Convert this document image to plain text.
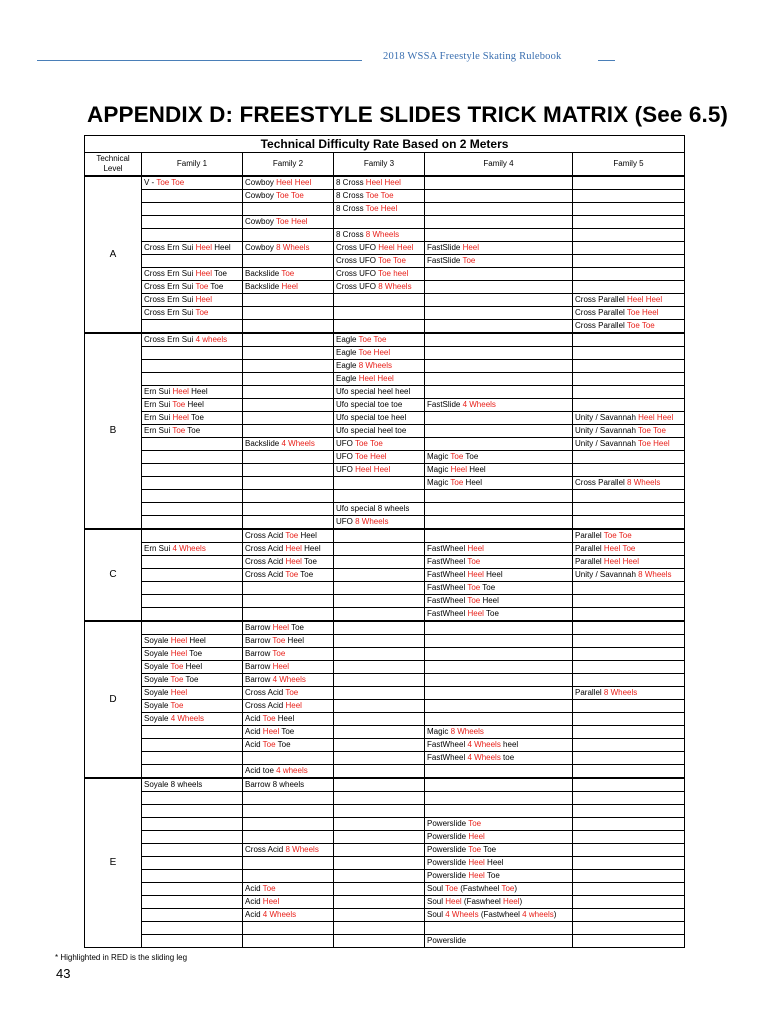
2018 WSSA Freestyle Skating Rulebook
APPENDIX D: FREESTYLE SLIDES TRICK MATRIX (See 6.5)
Technical Difficulty Rate Based on 2 Meters					
Technical Level	Family 1	Family 2	Family 3	Family 4	Family 5
A	V - Toe Toe	Cowboy Heel Heel	8 Cross Heel Heel		
		Cowboy Toe Toe	8 Cross Toe Toe		
			8 Cross Toe Heel		
		Cowboy Toe Heel			
			8 Cross 8 Wheels		
	Cross Ern Sui Heel Heel	Cowboy 8 Wheels	Cross UFO Heel Heel	FastSlide Heel	
			Cross UFO Toe Toe	FastSlide Toe	
	Cross Ern Sui Heel Toe	Backslide Toe	Cross UFO Toe heel		
	Cross Ern Sui Toe Toe	Backslide Heel	Cross UFO 8 Wheels		
	Cross Ern Sui Heel				Cross Parallel Heel Heel
	Cross Ern Sui Toe				Cross Parallel Toe Heel
					Cross Parallel Toe Toe
B	Cross Ern Sui 4 wheels		Eagle Toe Toe		
			Eagle Toe Heel		
			Eagle 8 Wheels		
			Eagle Heel Heel		
	Ern Sui Heel Heel		Ufo special heel heel		
	Ern Sui Toe Heel		Ufo special toe toe	FastSlide 4 Wheels	
	Ern Sui Heel Toe		Ufo special toe heel		Unity / Savannah Heel Heel
	Ern Sui Toe Toe		Ufo special heel toe		Unity / Savannah Toe Toe
		Backslide 4 Wheels	UFO Toe Toe		Unity / Savannah Toe Heel
			UFO Toe Heel	Magic Toe Toe	
			UFO Heel Heel	Magic Heel Heel	
				Magic Toe Heel	Cross Parallel 8 Wheels

			Ufo special 8 wheels		
			UFO 8 Wheels		
C		Cross Acid Toe Heel			Parallel Toe Toe
	Ern Sui 4 Wheels	Cross Acid Heel Heel		FastWheel Heel	Parallel Heel Toe
		Cross Acid Heel Toe		FastWheel Toe	Parallel Heel Heel
		Cross Acid Toe Toe		FastWheel Heel Heel	Unity / Savannah 8 Wheels
				FastWheel Toe Toe	
				FastWheel Toe Heel	
				FastWheel Heel Toe	
D		Barrow Heel Toe			
	Soyale Heel Heel	Barrow Toe Heel			
	Soyale Heel Toe	Barrow Toe			
	Soyale Toe Heel	Barrow Heel			
	Soyale Toe Toe	Barrow 4 Wheels			
	Soyale Heel	Cross Acid Toe			Parallel 8 Wheels
	Soyale Toe	Cross Acid Heel			
	Soyale 4 Wheels	Acid Toe Heel			
		Acid Heel Toe		Magic 8 Wheels	
		Acid Toe Toe		FastWheel 4 Wheels heel	
				FastWheel 4 Wheels toe	
		Acid toe 4 wheels			
E	Soyale 8 wheels	Barrow 8 wheels			

				Powerslide Toe	
				Powerslide Heel	
		Cross Acid 8 Wheels		Powerslide Toe Toe	
				Powerslide Heel Heel	
				Powerslide Heel Toe	
		Acid Toe		Soul Toe (Fastwheel Toe)	
		Acid Heel		Soul Heel (Faswheel Heel)	
		Acid 4 Wheels		Soul 4 Wheels (Fastwheel 4 wheels)	

				Powerslide	
* Highlighted in RED is the sliding leg
43
